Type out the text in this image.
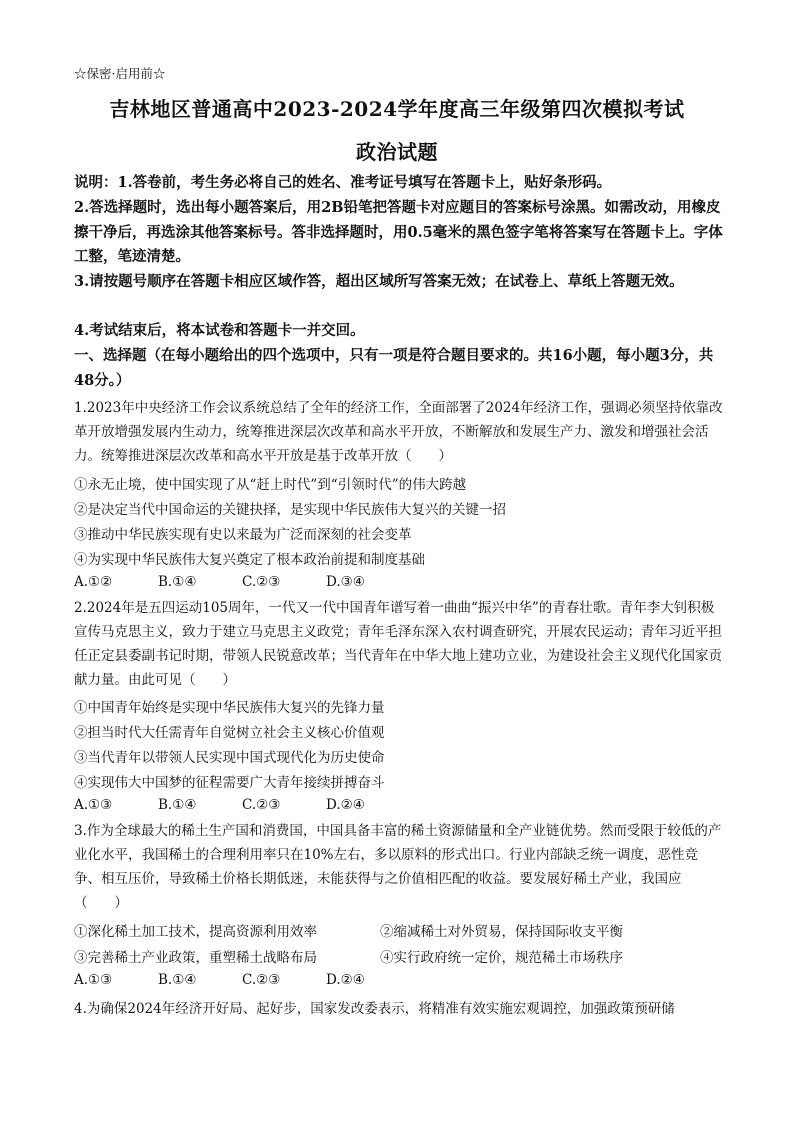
☆保密·启用前☆
吉林地区普通高中2023-2024学年度高三年级第四次模拟考试
政治试题
说明：1.答卷前，考生务必将自己的姓名、准考证号填写在答题卡上，贴好条形码。
2.答选择题时，选出每小题答案后，用2B铅笔把答题卡对应题目的答案标号涂黑。如需改动，用橡皮擦干净后，再选涂其他答案标号。答非选择题时，用0.5毫米的黑色签字笔将答案写在答题卡上。字体工整，笔迹清楚。
3.请按题号顺序在答题卡相应区域作答，超出区域所写答案无效；在试卷上、草纸上答题无效。
4.考试结束后，将本试卷和答题卡一并交回。
一、选择题（在每小题给出的四个选项中，只有一项是符合题目要求的。共16小题，每小题3分，共48分。）
1.2023年中央经济工作会议系统总结了全年的经济工作，全面部署了2024年经济工作，强调必须坚持依靠改革开放增强发展内生动力，统筹推进深层次改革和高水平开放，不断解放和发展生产力、激发和增强社会活力。统筹推进深层次改革和高水平开放是基于改革开放（　　）
①永无止境，使中国实现了从“赶上时代”到“引领时代”的伟大跨越
②是决定当代中国命运的关键抉择，是实现中华民族伟大复兴的关键一招
③推动中华民族实现有史以来最为广泛而深刻的社会变革
④为实现中华民族伟大复兴奠定了根本政治前提和制度基础
A.①②	B.①④	C.②③	D.③④
2.2024年是五四运动105周年，一代又一代中国青年谱写着一曲曲“振兴中华”的青春壮歌。青年李大钊积极宣传马克思主义，致力于建立马克思主义政党；青年毛泽东深入农村调查研究，开展农民运动；青年习近平担任正定县委副书记时期，带领人民锐意改革；当代青年在中华大地上建功立业，为建设社会主义现代化国家贡献力量。由此可见（　　）
①中国青年始终是实现中华民族伟大复兴的先锋力量
②担当时代大任需青年自觉树立社会主义核心价值观
③当代青年以带领人民实现中国式现代化为历史使命
④实现伟大中国梦的征程需要广大青年接续拼搏奋斗
A.①③	B.①④	C.②③	D.②④
3.作为全球最大的稀土生产国和消费国，中国具备丰富的稀土资源储量和全产业链优势。然而受限于较低的产业化水平，我国稀土的合理利用率只在10%左右，多以原料的形式出口。行业内部缺乏统一调度，恶性竞争、相互压价，导致稀土价格长期低迷，未能获得与之价值相匹配的收益。要发展好稀土产业，我国应（　　）
①深化稀土加工技术，提高资源利用效率	②缩减稀土对外贸易，保持国际收支平衡
③完善稀土产业政策，重塑稀土战略布局	④实行政府统一定价，规范稀土市场秩序
A.①③	B.①④	C.②③	D.②④
4.为确保2024年经济开好局、起好步，国家发改委表示，将精准有效实施宏观调控，加强政策预研储
